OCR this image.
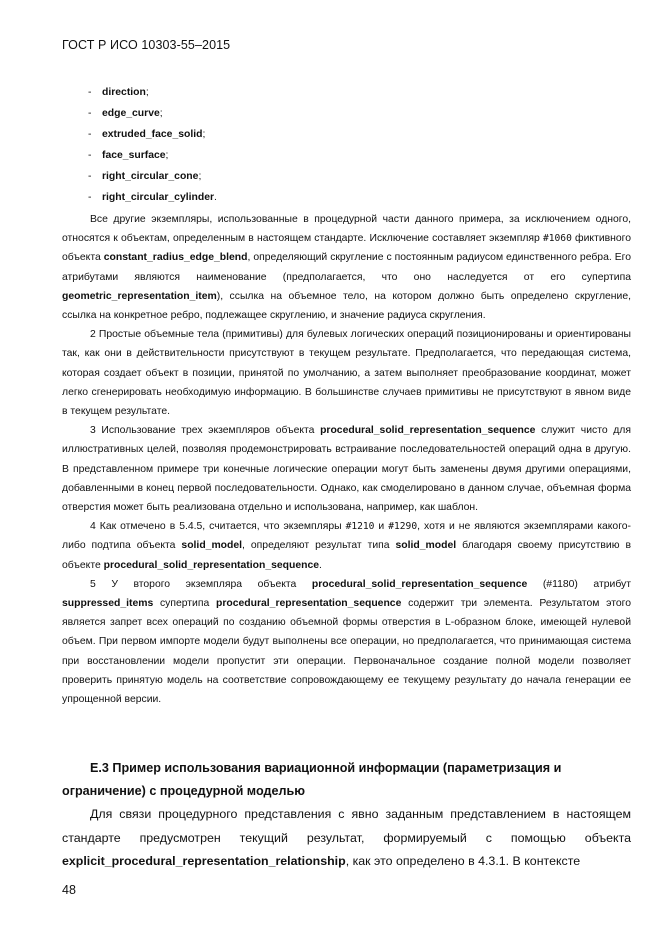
ГОСТ Р ИСО 10303-55–2015
- direction;
- edge_curve;
- extruded_face_solid;
- face_surface;
- right_circular_cone;
- right_circular_cylinder.

Все другие экземпляры, использованные в процедурной части данного примера, за исключением одного, относятся к объектам, определенным в настоящем стандарте. Исключение составляет экземпляр #1060 фиктивного объекта constant_radius_edge_blend, определяющий скругление с постоянным радиусом единственного ребра. Его атрибутами являются наименование (предполагается, что оно наследуется от его супертипа geometric_representation_item), ссылка на объемное тело, на котором должно быть определено скругление, ссылка на конкретное ребро, подлежащее скруглению, и значение радиуса скругления.

2 Простые объемные тела (примитивы) для булевых логических операций позиционированы и ориентированы так, как они в действительности присутствуют в текущем результате. Предполагается, что передающая система, которая создает объект в позиции, принятой по умолчанию, а затем выполняет преобразование координат, может легко сгенерировать необходимую информацию. В большинстве случаев примитивы не присутствуют в явном виде в текущем результате.

3 Использование трех экземпляров объекта procedural_solid_representation_sequence служит чисто для иллюстративных целей, позволяя продемонстрировать встраивание последовательностей операций одна в другую. В представленном примере три конечные логические операции могут быть заменены двумя другими операциями, добавленными в конец первой последовательности. Однако, как смоделировано в данном случае, объемная форма отверстия может быть реализована отдельно и использована, например, как шаблон.

4 Как отмечено в 5.4.5, считается, что экземпляры #1210 и #1290, хотя и не являются экземплярами какого-либо подтипа объекта solid_model, определяют результат типа solid_model благодаря своему присутствию в объекте procedural_solid_representation_sequence.

5 У второго экземпляра объекта procedural_solid_representation_sequence (#1180) атрибут suppressed_items супертипа procedural_representation_sequence содержит три элемента. Результатом этого является запрет всех операций по созданию объемной формы отверстия в L-образном блоке, имеющей нулевой объем. При первом импорте модели будут выполнены все операции, но предполагается, что принимающая система при восстановлении модели пропустит эти операции. Первоначальное создание полной модели позволяет проверить принятую модель на соответствие сопровождающему ее текущему результату до начала генерации ее упрощенной версии.

Е.3 Пример использования вариационной информации (параметризация и
ограничение) с процедурной моделью

Для связи процедурного представления с явно заданным представлением в настоящем стандарте предусмотрен текущий результат, формируемый с помощью объекта explicit_procedural_representation_relationship, как это определено в 4.3.1. В контексте

48
